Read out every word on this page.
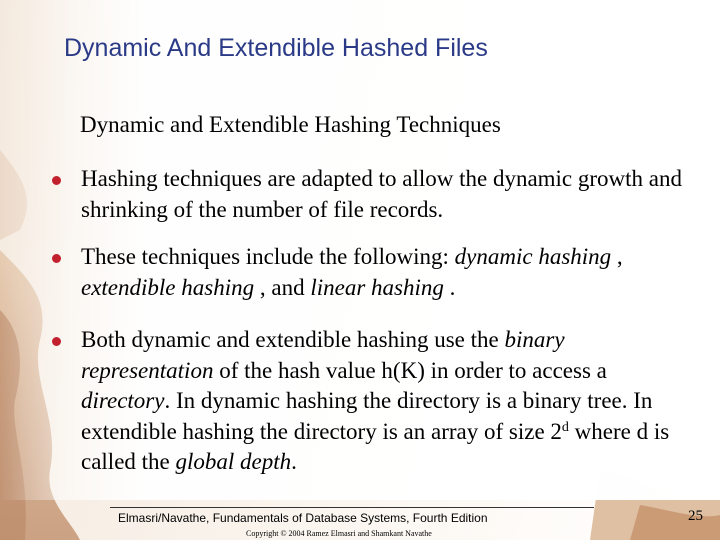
Dynamic And Extendible Hashed Files
Dynamic and Extendible Hashing Techniques
Hashing techniques are adapted to allow the dynamic growth and shrinking of the number of file records.
These techniques include the following: dynamic hashing , extendible hashing , and linear hashing .
Both dynamic and extendible hashing use the binary representation of the hash value h(K) in order to access a directory. In dynamic hashing the directory is a binary tree. In extendible hashing the directory is an array of size 2$^d$ where d is called the global depth.
Elmasri/Navathe, Fundamentals of Database Systems, Fourth Edition
Copyright © 2004 Ramez Elmasri and Shamkant Navathe
25
